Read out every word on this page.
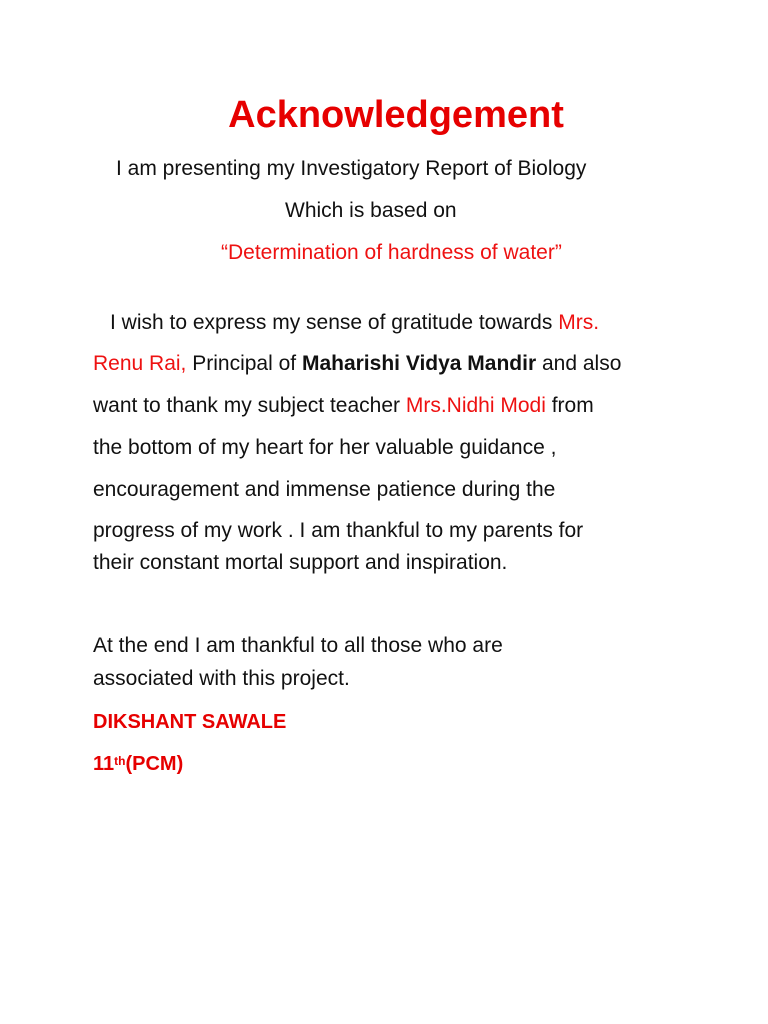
Acknowledgement
I am presenting my Investigatory Report of Biology
Which is based on
“Determination of hardness of water”
I wish to express my sense of gratitude towards Mrs.
Renu Rai, Principal of Maharishi Vidya Mandir and also
want to thank my subject teacher Mrs.Nidhi Modi from
the bottom of my heart for her valuable guidance ,
encouragement and immense patience during the
progress of my work . I am thankful to my parents for
their constant mortal support and inspiration.
At the end I am thankful to all those who are
associated with this project.
DIKSHANT SAWALE
11th(PCM)
